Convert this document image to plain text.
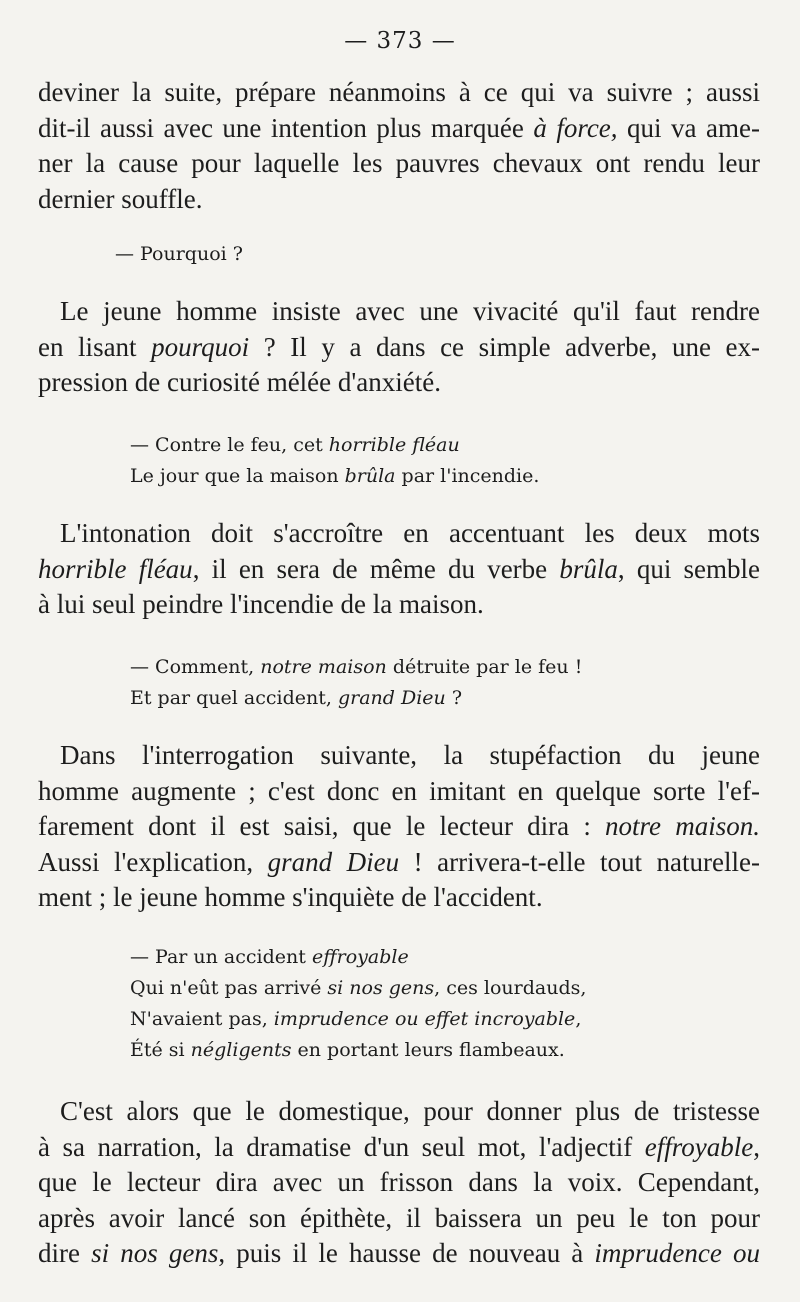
— 373 —
deviner la suite, prépare néanmoins à ce qui va suivre ; aussi
dit-il aussi avec une intention plus marquée à force, qui va ame-
ner la cause pour laquelle les pauvres chevaux ont rendu leur
dernier souffle.
— Pourquoi ?
Le jeune homme insiste avec une vivacité qu'il faut rendre
en lisant pourquoi ? Il y a dans ce simple adverbe, une ex-
pression de curiosité mélée d'anxiété.
— Contre le feu, cet horrible fléau
Le jour que la maison brûla par l'incendie.
L'intonation doit s'accroître en accentuant les deux mots
horrible fléau, il en sera de même du verbe brûla, qui semble
à lui seul peindre l'incendie de la maison.
— Comment, notre maison détruite par le feu !
Et par quel accident, grand Dieu ?
Dans l'interrogation suivante, la stupéfaction du jeune
homme augmente ; c'est donc en imitant en quelque sorte l'ef-
farement dont il est saisi, que le lecteur dira : notre maison.
Aussi l'explication, grand Dieu ! arrivera-t-elle tout naturelle-
ment ; le jeune homme s'inquiète de l'accident.
— Par un accident effroyable
Qui n'eût pas arrivé si nos gens, ces lourdauds,
N'avaient pas, imprudence ou effet incroyable,
Été si négligents en portant leurs flambeaux.
C'est alors que le domestique, pour donner plus de tristesse
à sa narration, la dramatise d'un seul mot, l'adjectif effroyable,
que le lecteur dira avec un frisson dans la voix. Cependant,
après avoir lancé son épithète, il baissera un peu le ton pour
dire si nos gens, puis il le hausse de nouveau à imprudence ou
